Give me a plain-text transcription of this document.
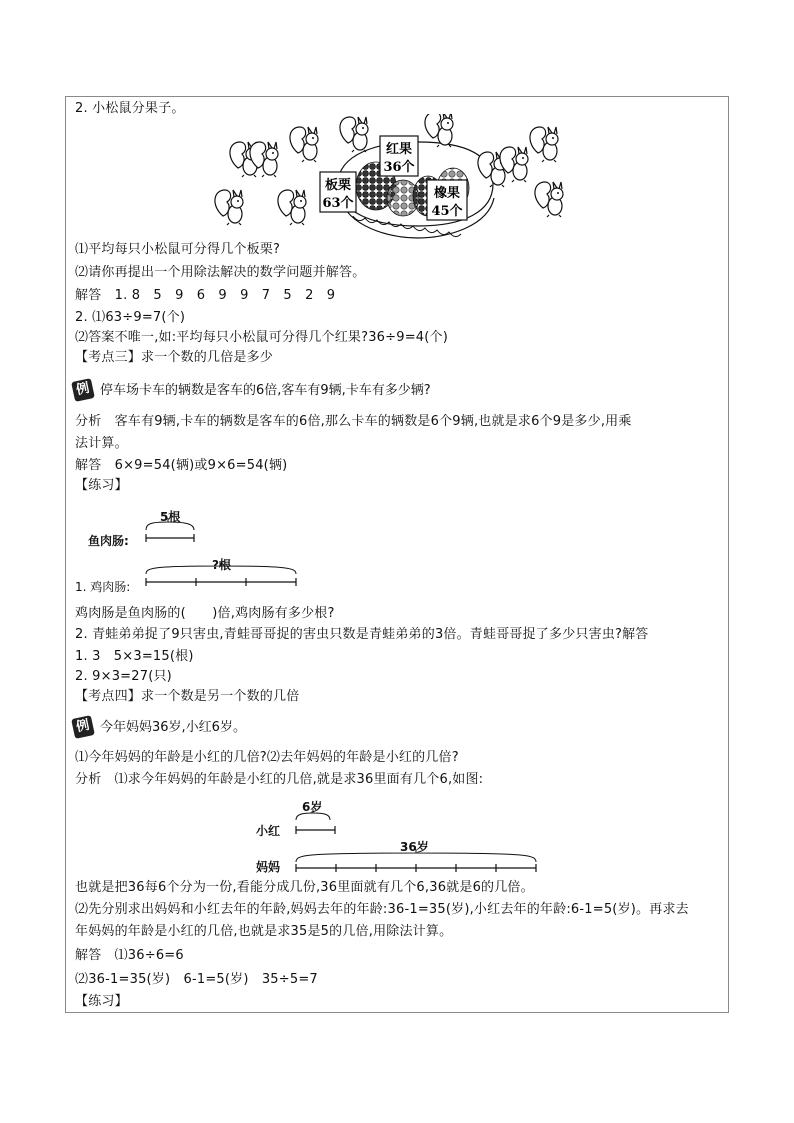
2. 小松鼠分果子。
板栗
63个
红果
36个
橡果
45个
⑴平均每只小松鼠可分得几个板栗?
⑵请你再提出一个用除法解决的数学问题并解答。
解答　1. 8　5　9　6　9　9　7　5　2　9
2. ⑴63÷9=7(个)
⑵答案不唯一,如:平均每只小松鼠可分得几个红果?36÷9=4(个)
【考点三】求一个数的几倍是多少
例 停车场卡车的辆数是客车的6倍,客车有9辆,卡车有多少辆?
分析　客车有9辆,卡车的辆数是客车的6倍,那么卡车的辆数是6个9辆,也就是求6个9是多少,用乘
法计算。
解答　6×9=54(辆)或9×6=54(辆)
【练习】
5根
鱼肉肠:
?根
1. 鸡肉肠:
鸡肉肠是鱼肉肠的(　　)倍,鸡肉肠有多少根?
2. 青蛙弟弟捉了9只害虫,青蛙哥哥捉的害虫只数是青蛙弟弟的3倍。青蛙哥哥捉了多少只害虫?解答
1. 3　5×3=15(根)
2. 9×3=27(只)
【考点四】求一个数是另一个数的几倍
例 今年妈妈36岁,小红6岁。
⑴今年妈妈的年龄是小红的几倍?⑵去年妈妈的年龄是小红的几倍?
分析　⑴求今年妈妈的年龄是小红的几倍,就是求36里面有几个6,如图:
6岁
小红
36岁
妈妈
也就是把36每6个分为一份,看能分成几份,36里面就有几个6,36就是6的几倍。
⑵先分别求出妈妈和小红去年的年龄,妈妈去年的年龄:36-1=35(岁),小红去年的年龄:6-1=5(岁)。再求去
年妈妈的年龄是小红的几倍,也就是求35是5的几倍,用除法计算。
解答　⑴36÷6=6
⑵36-1=35(岁)　6-1=5(岁)　35÷5=7
【练习】
